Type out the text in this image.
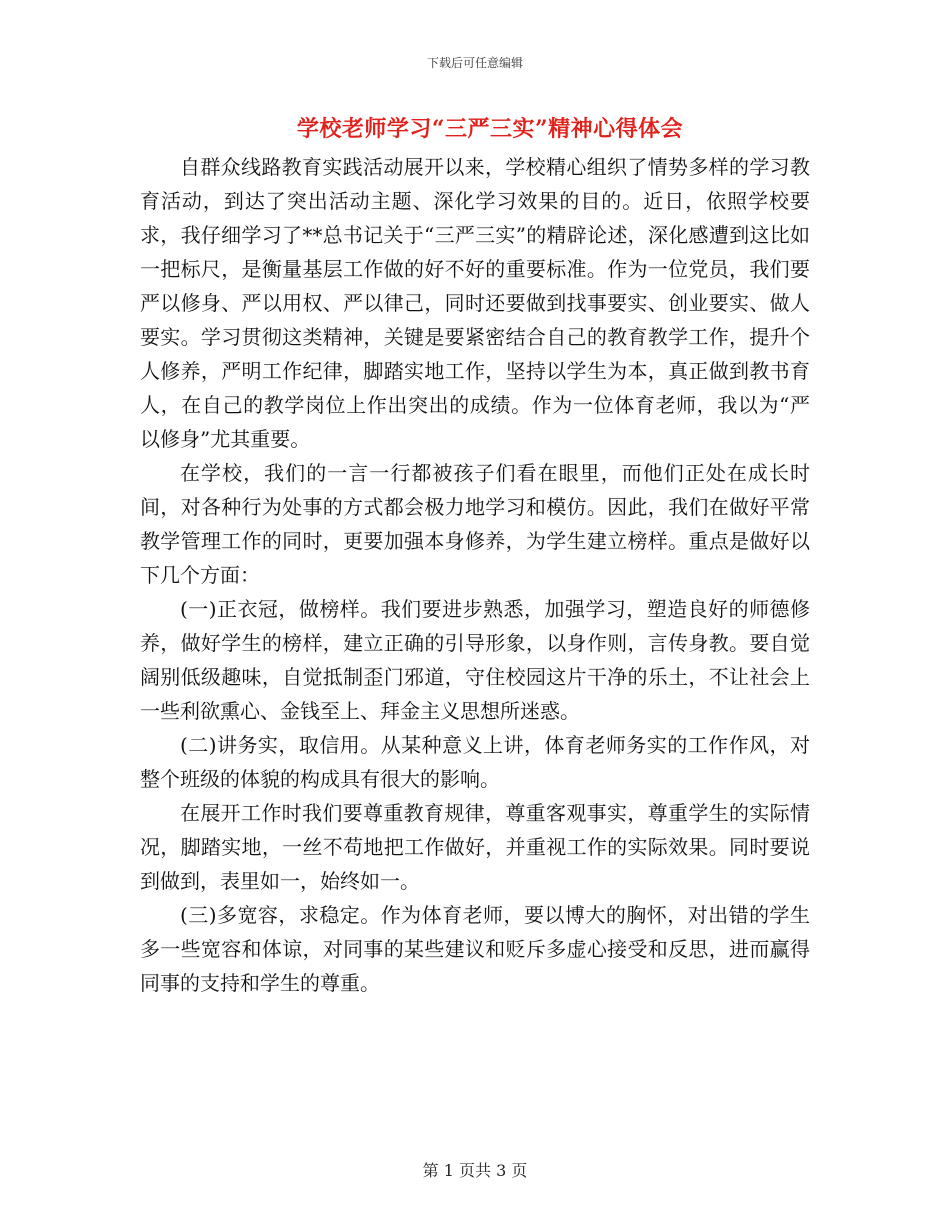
下载后可任意编辑
学校老师学习“三严三实”精神心得体会

自群众线路教育实践活动展开以来，学校精心组织了情势多样的学习教育活动，到达了突出活动主题、深化学习效果的目的。近日，依照学校要求，我仔细学习了**总书记关于“三严三实”的精辟论述，深化感遭到这比如一把标尺，是衡量基层工作做的好不好的重要标准。作为一位党员，我们要严以修身、严以用权、严以律己，同时还要做到找事要实、创业要实、做人要实。学习贯彻这类精神，关键是要紧密结合自己的教育教学工作，提升个人修养，严明工作纪律，脚踏实地工作，坚持以学生为本，真正做到教书育人，在自己的教学岗位上作出突出的成绩。作为一位体育老师，我以为“严以修身”尤其重要。

在学校，我们的一言一行都被孩子们看在眼里，而他们正处在成长时间，对各种行为处事的方式都会极力地学习和模仿。因此，我们在做好平常教学管理工作的同时，更要加强本身修养，为学生建立榜样。重点是做好以下几个方面：

(一)正衣冠，做榜样。我们要进步熟悉，加强学习，塑造良好的师德修养，做好学生的榜样，建立正确的引导形象，以身作则，言传身教。要自觉阔别低级趣味，自觉抵制歪门邪道，守住校园这片干净的乐土，不让社会上一些利欲熏心、金钱至上、拜金主义思想所迷惑。

(二)讲务实，取信用。从某种意义上讲，体育老师务实的工作作风，对整个班级的体貌的构成具有很大的影响。

在展开工作时我们要尊重教育规律，尊重客观事实，尊重学生的实际情况，脚踏实地，一丝不苟地把工作做好，并重视工作的实际效果。同时要说到做到，表里如一，始终如一。

(三)多宽容，求稳定。作为体育老师，要以博大的胸怀，对出错的学生多一些宽容和体谅，对同事的某些建议和贬斥多虚心接受和反思，进而赢得同事的支持和学生的尊重。

第 1 页共 3 页
